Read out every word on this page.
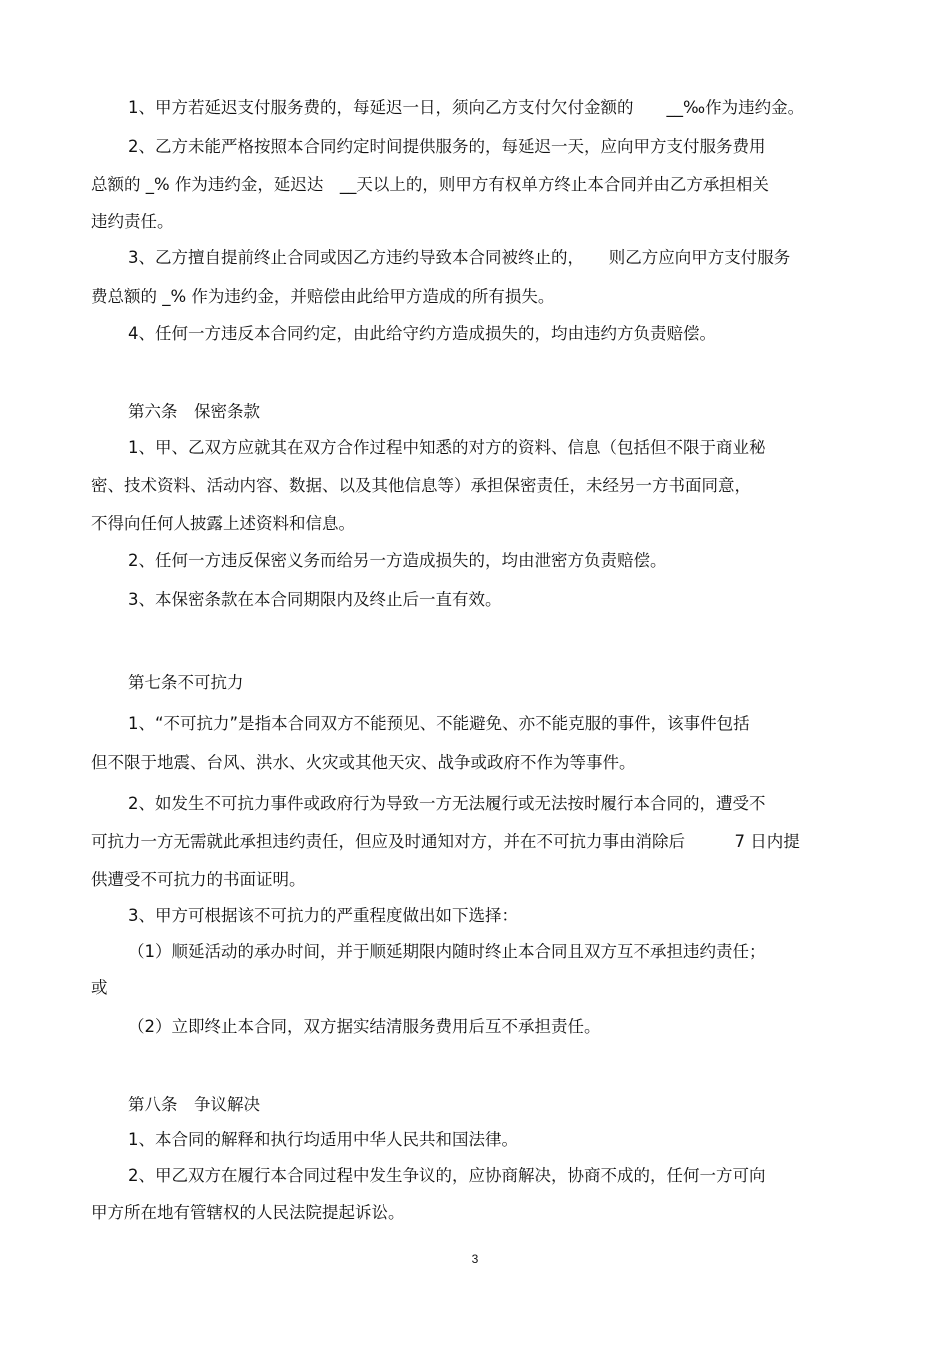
1、甲方若延迟支付服务费的，每延迟一日，须向乙方支付欠付金额的　　__‰作为违约金。
2、乙方未能严格按照本合同约定时间提供服务的，每延迟一天，应向甲方支付服务费用
总额的 _% 作为违约金，延迟达　__天以上的，则甲方有权单方终止本合同并由乙方承担相关
违约责任。
3、乙方擅自提前终止合同或因乙方违约导致本合同被终止的，　　则乙方应向甲方支付服务
费总额的 _% 作为违约金，并赔偿由此给甲方造成的所有损失。
4、任何一方违反本合同约定，由此给守约方造成损失的，均由违约方负责赔偿。
第六条　保密条款
1、甲、乙双方应就其在双方合作过程中知悉的对方的资料、信息（包括但不限于商业秘
密、技术资料、活动内容、数据、以及其他信息等）承担保密责任，未经另一方书面同意，
不得向任何人披露上述资料和信息。
2、任何一方违反保密义务而给另一方造成损失的，均由泄密方负责赔偿。
3、本保密条款在本合同期限内及终止后一直有效。
第七条不可抗力
1、“不可抗力”是指本合同双方不能预见、不能避免、亦不能克服的事件，该事件包括
但不限于地震、台风、洪水、火灾或其他天灾、战争或政府不作为等事件。
2、如发生不可抗力事件或政府行为导致一方无法履行或无法按时履行本合同的，遭受不
可抗力一方无需就此承担违约责任，但应及时通知对方，并在不可抗力事由消除后　　　7 日内提
供遭受不可抗力的书面证明。
3、甲方可根据该不可抗力的严重程度做出如下选择：
（1）顺延活动的承办时间，并于顺延期限内随时终止本合同且双方互不承担违约责任；
或
（2）立即终止本合同，双方据实结清服务费用后互不承担责任。
第八条　争议解决
1、本合同的解释和执行均适用中华人民共和国法律。
2、甲乙双方在履行本合同过程中发生争议的，应协商解决，协商不成的，任何一方可向
甲方所在地有管辖权的人民法院提起诉讼。
3
